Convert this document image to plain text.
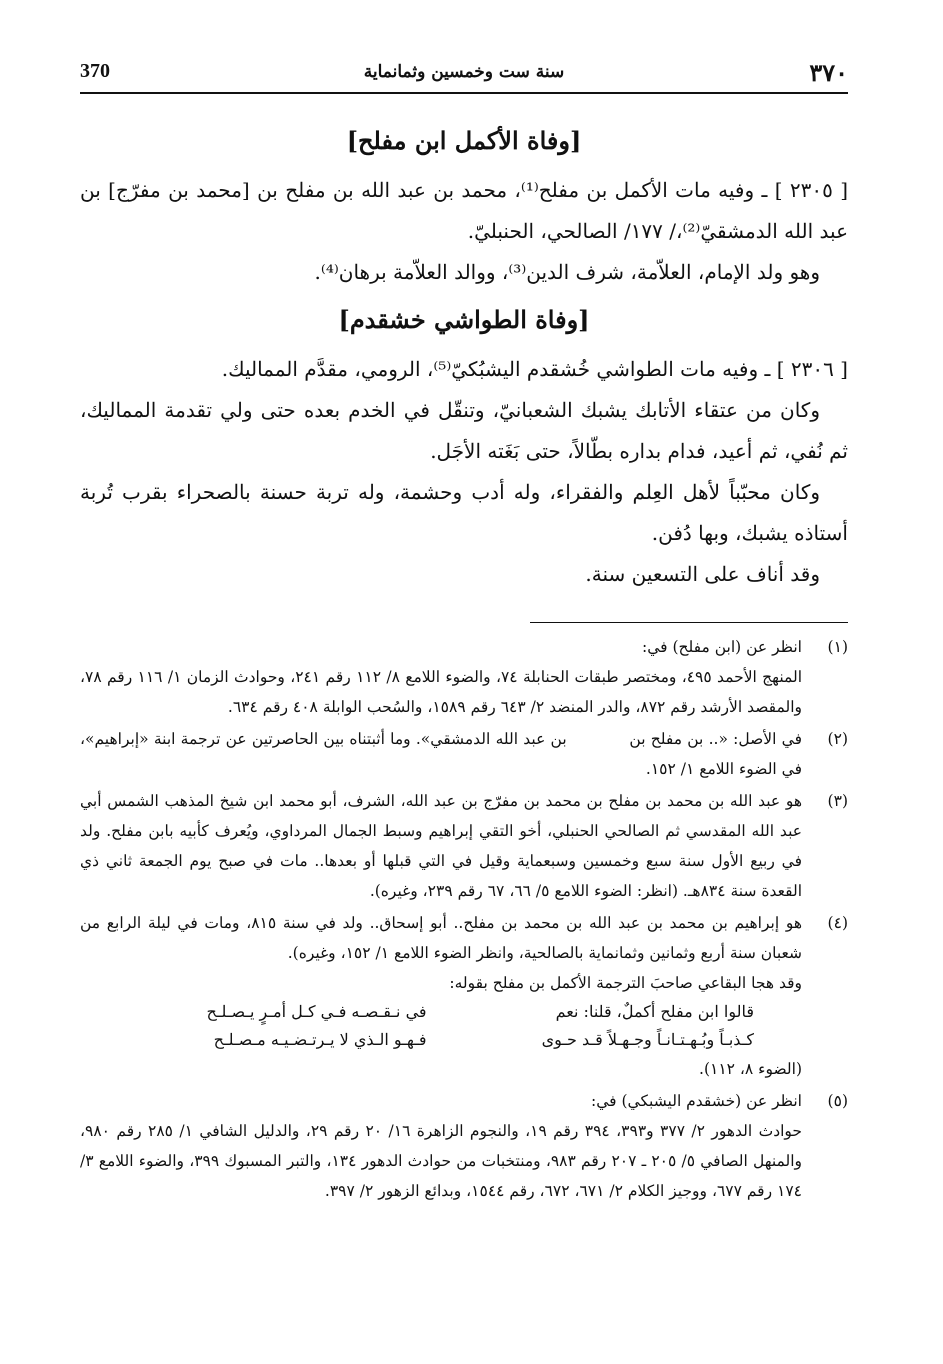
٣٧٠
سنة ست وخمسين وثمانماية
370
[وفاة الأكمل ابن مفلح]

[ ٢٣٠٥ ] ـ وفيه مات الأكمل بن مفلح⁽¹⁾، محمد بن عبد الله بن مفلح بن [محمد بن مفرّج] بن عبد الله الدمشقيّ⁽²⁾،/ ١٧٧/ الصالحي، الحنبليّ.

وهو ولد الإمام، العلاّمة، شرف الدين⁽³⁾، ووالد العلاّمة برهان⁽⁴⁾.

[وفاة الطواشي خشقدم]

[ ٢٣٠٦ ] ـ وفيه مات الطواشي خُشقدم اليشبُكيّ⁽⁵⁾، الرومي، مقدَّم المماليك.

وكان من عتقاء الأتابك يشبك الشعبانيّ، وتنقّل في الخدم بعده حتى ولي تقدمة المماليك، ثم نُفي، ثم أعيد، فدام بداره بطّالاً، حتى بَغَته الأجَل.

وكان محبّباً لأهل العِلم والفقراء، وله أدب وحشمة، وله تربة حسنة بالصحراء بقرب تُربة أستاذه يشبك، وبها دُفن.

وقد أناف على التسعين سنة.

(١)

انظر عن (ابن مفلح) في:

المنهج الأحمد ٤٩٥، ومختصر طبقات الحنابلة ٧٤، والضوء اللامع ٨/ ١١٢ رقم ٢٤١، وحوادث الزمان ١/ ١١٦ رقم ٧٨، والمقصد الأرشد رقم ٨٧٢، والدر المنضد ٢/ ٦٤٣ رقم ١٥٨٩، والسُحب الوابلة ٤٠٨ رقم ٦٣٤.

(٢)

في الأصل: «.. بن مفلح بن            بن عبد الله الدمشقي». وما أثبتناه بين الحاصرتين عن ترجمة ابنة «إبراهيم»، في الضوء اللامع ١/ ١٥٢.

(٣)

هو عبد الله بن محمد بن مفلح بن محمد بن مفرّج بن عبد الله، الشرف، أبو محمد ابن شيخ المذهب الشمس أبي عبد الله المقدسي ثم الصالحي الحنبلي، أخو التقي إبراهيم وسبط الجمال المرداوي، ويُعرف كأبيه بابن مفلح. ولد في ربيع الأول سنة سبع وخمسين وسبعماية وقيل في التي قبلها أو بعدها.. مات في صبح يوم الجمعة ثاني ذي القعدة سنة ٨٣٤هـ. (انظر: الضوء اللامع ٥/ ٦٦، ٦٧ رقم ٢٣٩، وغيره).

(٤)

هو إبراهيم بن محمد بن عبد الله بن محمد بن مفلح.. أبو إسحاق.. ولد في سنة ٨١٥، ومات في ليلة الرابع من شعبان سنة أربع وثمانين وثمانماية بالصالحية، وانظر الضوء اللامع ١/ ١٥٢، وغيره).

وقد هجا البقاعي صاحبَ الترجمة الأكمل بن مفلح بقوله:

قالوا ابن مفلح أكملٌ، قلنا: نعم	في نـقـصـه فـي كـل أمـرٍ يـصـلـح
كـذبـاً وبُـهـتـانـاً وجـهـلاً قـد حـوى	فـهـو الـذي لا يـرتـضـيـه مـصـلـح

(الضوء ٨، ١١٢).

(٥)

انظر عن (خشقدم اليشبكي) في:

حوادث الدهور ٢/ ٣٧٧ و٣٩٣، ٣٩٤ رقم ١٩، والنجوم الزاهرة ١٦/ ٢٠ رقم ٢٩، والدليل الشافي ١/ ٢٨٥ رقم ٩٨٠، والمنهل الصافي ٥/ ٢٠٥ ـ ٢٠٧ رقم ٩٨٣، ومنتخبات من حوادث الدهور ١٣٤، والتبر المسبوك ٣٩٩، والضوء اللامع ٣/ ١٧٤ رقم ٦٧٧، ووجيز الكلام ٢/ ٦٧١، ٦٧٢، رقم ١٥٤٤، وبدائع الزهور ٢/ ٣٩٧.
